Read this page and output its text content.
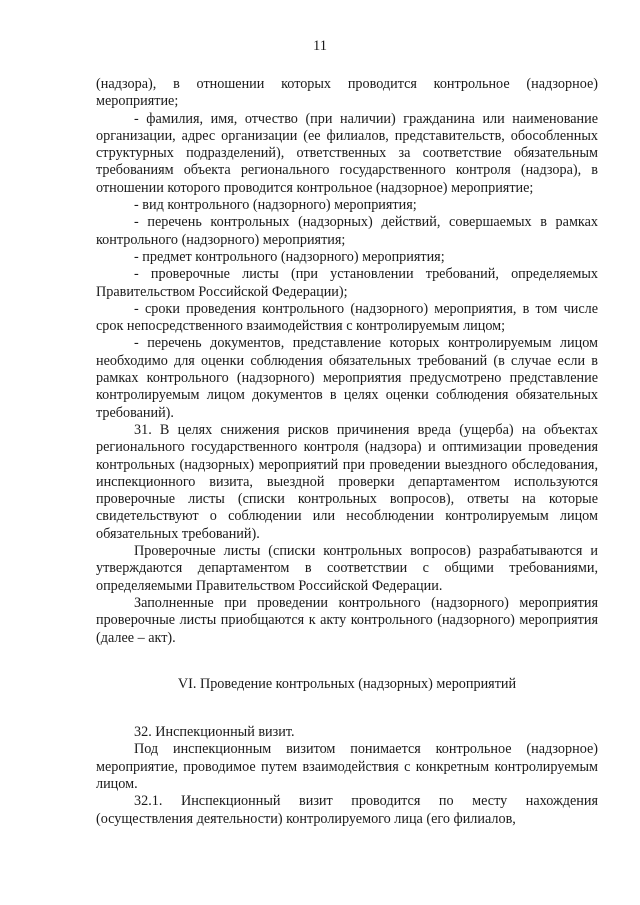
11

(надзора), в отношении которых проводится контрольное (надзорное) мероприятие;

- фамилия, имя, отчество (при наличии) гражданина или наименование организации, адрес организации (ее филиалов, представительств, обособленных структурных подразделений), ответственных за соответствие обязательным требованиям объекта регионального государственного контроля (надзора), в отношении которого проводится контрольное (надзорное) мероприятие;

- вид контрольного (надзорного) мероприятия;

- перечень контрольных (надзорных) действий, совершаемых в рамках контрольного (надзорного) мероприятия;

- предмет контрольного (надзорного) мероприятия;

- проверочные листы (при установлении требований, определяемых Правительством Российской Федерации);

- сроки проведения контрольного (надзорного) мероприятия, в том числе срок непосредственного взаимодействия с контролируемым лицом;

- перечень документов, представление которых контролируемым лицом необходимо для оценки соблюдения обязательных требований (в случае если в рамках контрольного (надзорного) мероприятия предусмотрено представление контролируемым лицом документов в целях оценки соблюдения обязательных требований).

31. В целях снижения рисков причинения вреда (ущерба) на объектах регионального государственного контроля (надзора) и оптимизации проведения контрольных (надзорных) мероприятий при проведении выездного обследования, инспекционного визита, выездной проверки департаментом используются проверочные листы (списки контрольных вопросов), ответы на которые свидетельствуют о соблюдении или несоблюдении контролируемым лицом обязательных требований).

Проверочные листы (списки контрольных вопросов) разрабатываются и утверждаются департаментом в соответствии с общими требованиями, определяемыми Правительством Российской Федерации.

Заполненные при проведении контрольного (надзорного) мероприятия проверочные листы приобщаются к акту контрольного (надзорного) мероприятия (далее – акт).

VI. Проведение контрольных (надзорных) мероприятий

32. Инспекционный визит.

Под инспекционным визитом понимается контрольное (надзорное) мероприятие, проводимое путем взаимодействия с конкретным контролируемым лицом.

32.1. Инспекционный визит проводится по месту нахождения (осуществления деятельности) контролируемого лица (его филиалов,
